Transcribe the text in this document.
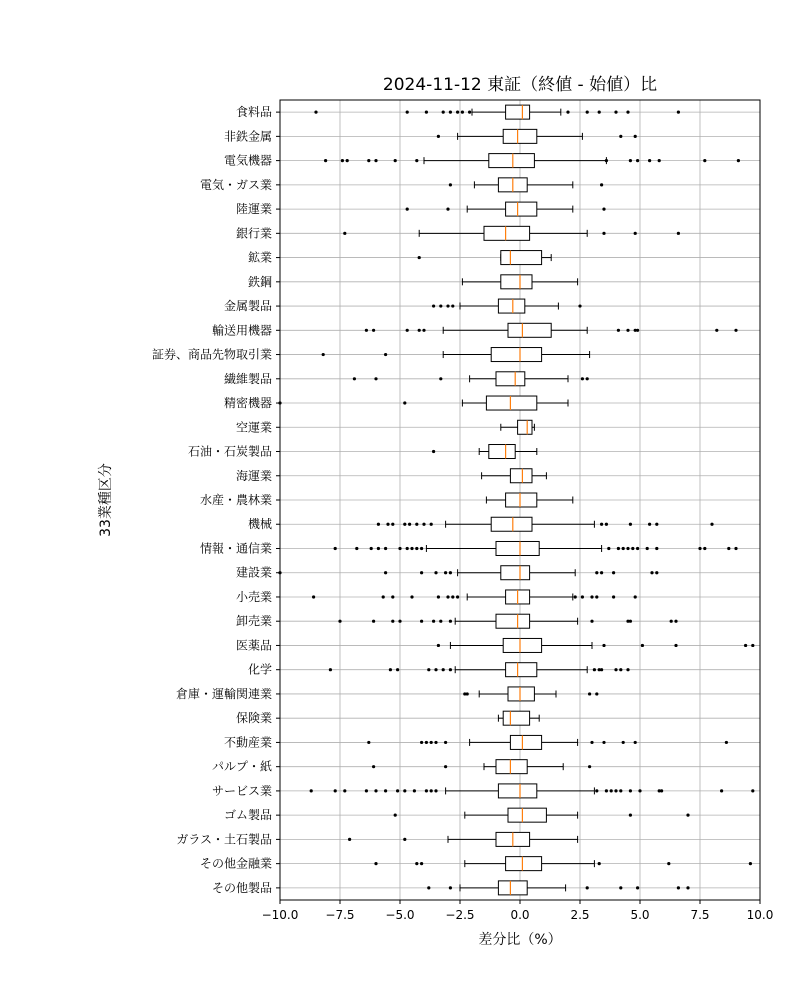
食料品
非鉄金属
電気機器
電気・ガス業
陸運業
銀行業
鉱業
鉄鋼
金属製品
輸送用機器
証券、商品先物取引業
繊維製品
精密機器
空運業
石油・石炭製品
海運業
水産・農林業
機械
情報・通信業
建設業
小売業
卸売業
医薬品
化学
倉庫・運輸関連業
保険業
不動産業
パルプ・紙
サービス業
ゴム製品
ガラス・土石製品
その他金融業
その他製品
−10.0 −7.5	−5.0	−2.5	0.0	2.5	5.0	7.5	10.0
2024-11-12 東証（終値 - 始値）比
差分比（%）
33業種区分
